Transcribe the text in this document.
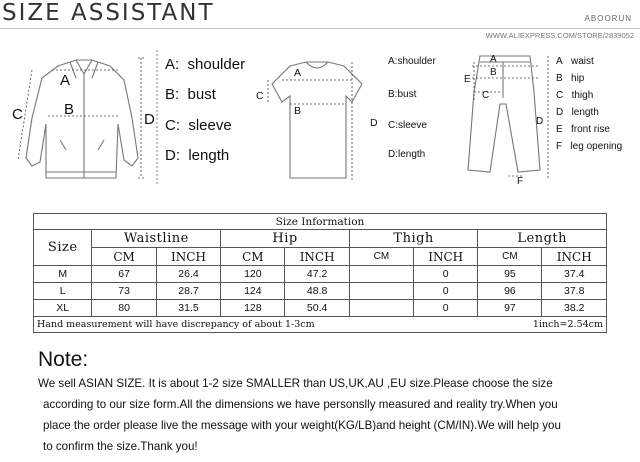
SIZE ASSISTANT	ABOORUN
WWW.ALIEXPRESS.COM/STORE/2839052
A
B
C	D
A: shoulder
B: bust
C: sleeve
D: length
A
B
C
D
A:shoulder
B:bust
C:sleeve
D:length
A
B
C
D
E
F
A waist
B hip
C thigh
D length
E front rise
F leg opening
Size Information								
Size	Waistline		Hip		Thigh		Length	
	CM	INCH	CM	INCH	CM	INCH	CM	INCH
M	67	26.4	120	47.2		0	95	37.4
L	73	28.7	124	48.8		0	96	37.8
XL	80	31.5	128	50.4		0	97	38.2
Hand measurement will have discrepancy of about 1-3cm						1inch=2.54cm		
Note:
We sell ASIAN SIZE. It is about 1-2 size SMALLER than US,UK,AU ,EU size.Please choose the size
according to our size form.All the dimensions we have personslly measured and reality try.When you
place the order please live the message with your weight(KG/LB)and height (CM/IN).We will help you
to confirm the size.Thank you!
